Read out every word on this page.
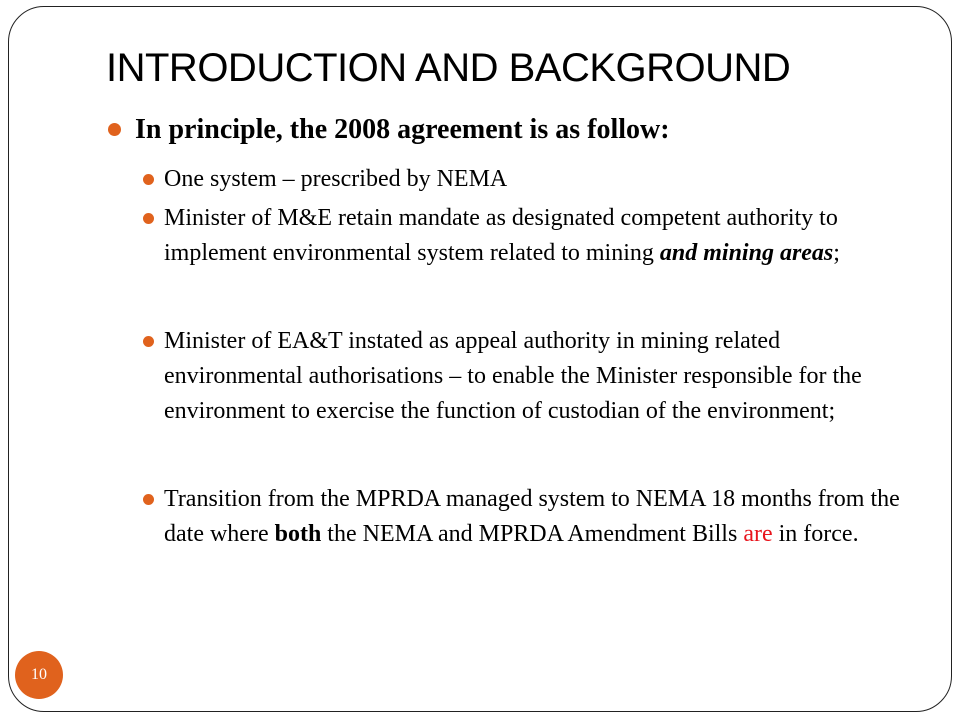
INTRODUCTION AND BACKGROUND
In principle, the 2008 agreement is as follow:
One system – prescribed by NEMA
Minister of M&E retain mandate as designated competent authority to implement environmental system related to mining and mining areas;
Minister of EA&T instated as appeal authority in mining related environmental authorisations – to enable the Minister responsible for the environment to exercise the function of custodian of the environment;
Transition from the MPRDA managed system to NEMA 18 months from the date where both the NEMA and MPRDA Amendment Bills are in force.
10
